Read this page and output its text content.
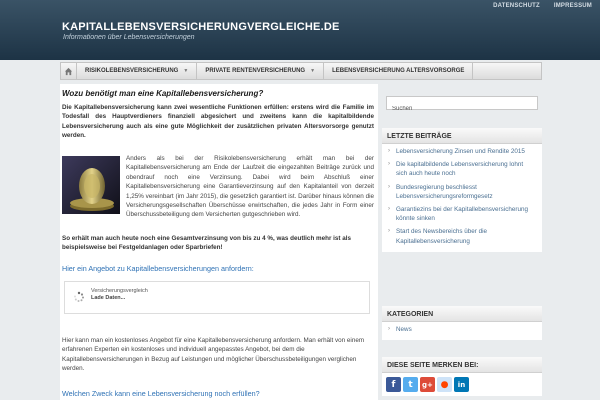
DATENSCHUTZ IMPRESSUM
KAPITALLEBENSVERSICHERUNGVERGLEICHE.DE
Informationen über Lebensversicherungen
RISIKOLEBENSVERSICHERUNG ▼	PRIVATE RENTENVERSICHERUNG ▼	LEBENSVERSICHERUNG ALTERSVORSORGE
Wozu benötigt man eine Kapitallebensversicherung?

Die Kapitallebensversicherung kann zwei wesentliche Funktionen erfüllen: erstens wird die Familie im Todesfall des Hauptverdieners finanziell abgesichert und zweitens kann die kapitalbildende Lebensversicherung auch als eine gute Möglichkeit der zusätzlichen privaten Altersvorsorge genutzt werden.

Anders als bei der Risikolebensversicherung erhält man bei der Kapitallebensversicherung am Ende der Laufzeit die eingezahlten Beiträge zurück und obendrauf noch eine Verzinsung. Dabei wird beim Abschluß einer Kapitallebensversicherung eine Garantieverzinsung auf den Kapitalanteil von derzeit 1,25% vereinbart (im Jahr 2015), die gesetzlich garantiert ist. Darüber hinaus können die Versicherungsgesellschaften Überschüsse erwirtschaften, die jedes Jahr in Form einer Überschussbeteiligung dem Versicherten gutgeschrieben wird.

So erhält man auch heute noch eine Gesamtverzinsung von bis zu 4 %, was deutlich mehr ist als beispielsweise bei Festgeldanlagen oder Sparbriefen!

Hier ein Angebot zu Kapitallebensversicherungen anfordern:
Versicherungsvergleich
Lade Daten...

Hier kann man ein kostenloses Angebot für eine Kapitallebensversicherung anfordern. Man erhält von einem erfahrenen Experten ein kostenloses und individuell angepasstes Angebot, bei dem die Kapitallebensversicherungen in Bezug auf Leistungen und möglicher Überschussbeteiligungen verglichen werden.

Welchen Zweck kann eine Lebensversicherung noch erfüllen?
Suchen
LETZTE BEITRÄGE
› Lebensversicherung Zinsen und Rendite 2015
› Die kapitalbildende Lebensversicherung lohnt sich auch heute noch
› Bundesregierung beschliesst Lebensversicherungsreformgesetz
› Garantiezins bei der Kapitallebensversicherung könnte sinken
› Start des Newsbereichs über die Kapitallebensversicherung
KATEGORIEN
› News
DIESE SEITE MERKEN BEI:
f	t	g+ ●	in
